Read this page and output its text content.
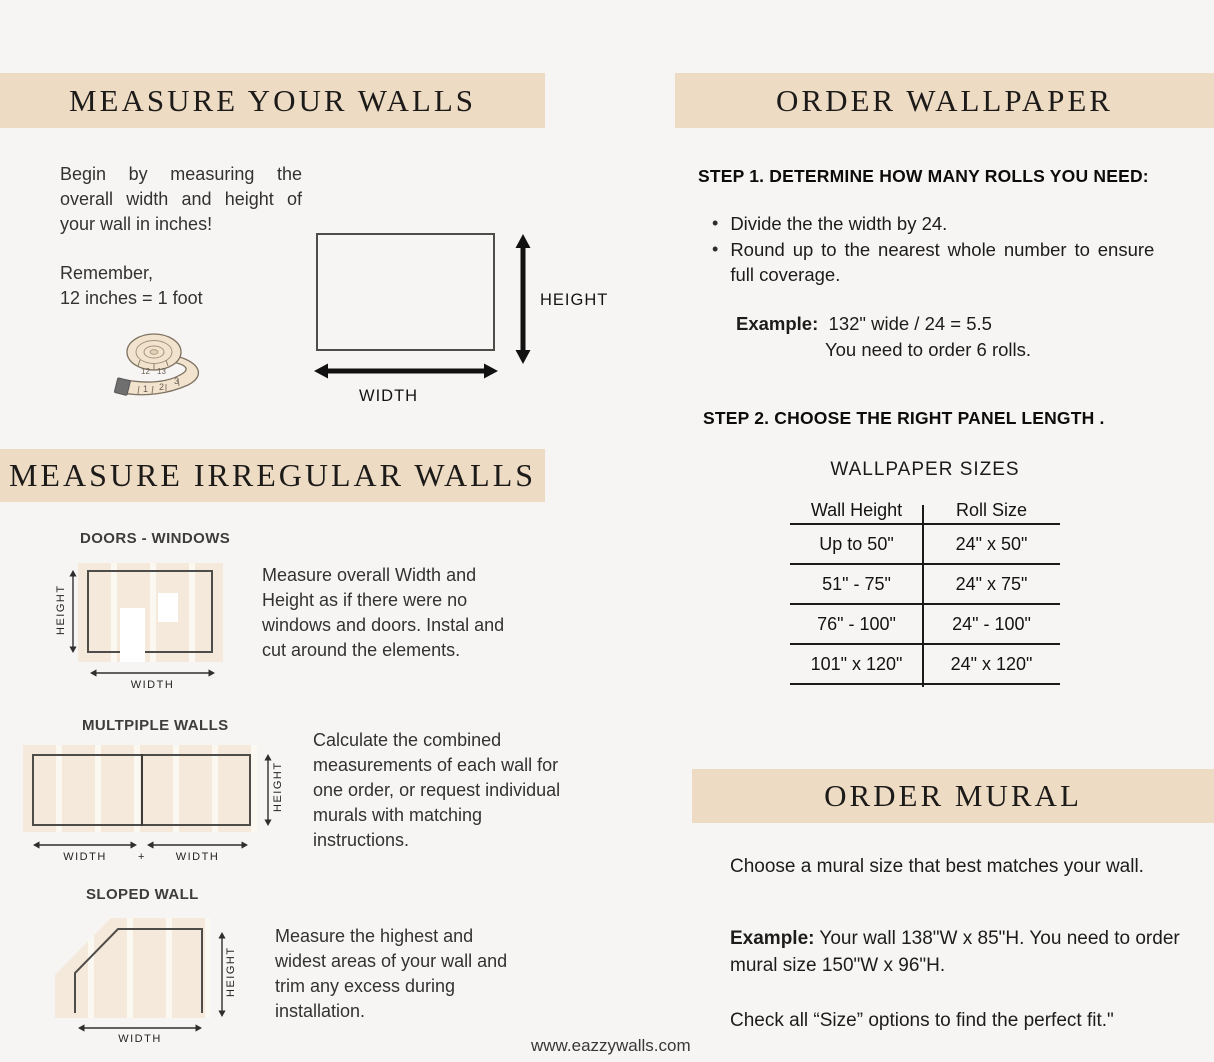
MEASURE YOUR WALLS
Begin by measuring the overall width and height of your wall in inches!
Remember,
12 inches = 1 foot
1 2
3
12 13
HEIGHT
WIDTH
MEASURE IRREGULAR WALLS
DOORS - WINDOWS
HEIGHT
WIDTH
Measure overall Width and Height as if there were no windows and doors. Instal and cut around the elements.
MULTPIPLE WALLS
HEIGHT
WIDTH	+	WIDTH
Calculate the combined measurements of each wall for one order, or request individual murals with matching instructions.
SLOPED WALL
HEIGHT
WIDTH
Measure the highest and widest areas of your wall and trim any excess during installation.
ORDER WALLPAPER
STEP 1. DETERMINE HOW MANY ROLLS YOU NEED:
• Divide the the width by 24.
• Round up to the nearest whole number to ensure full coverage.
Example: 132" wide / 24 = 5.5
You need to order 6 rolls.
STEP 2. CHOOSE THE RIGHT PANEL LENGTH .
WALLPAPER SIZES
Wall Height	Roll Size
Up to 50"	24" x 50"
51" - 75"	24" x 75"
76" - 100"	24" - 100"
101" x 120"	24" x 120"
ORDER MURAL
Choose a mural size that best matches your wall.
Example: Your wall 138"W x 85"H. You need to order mural size 150"W x 96"H.
Check all “Size” options to find the perfect fit."
www.eazzywalls.com
